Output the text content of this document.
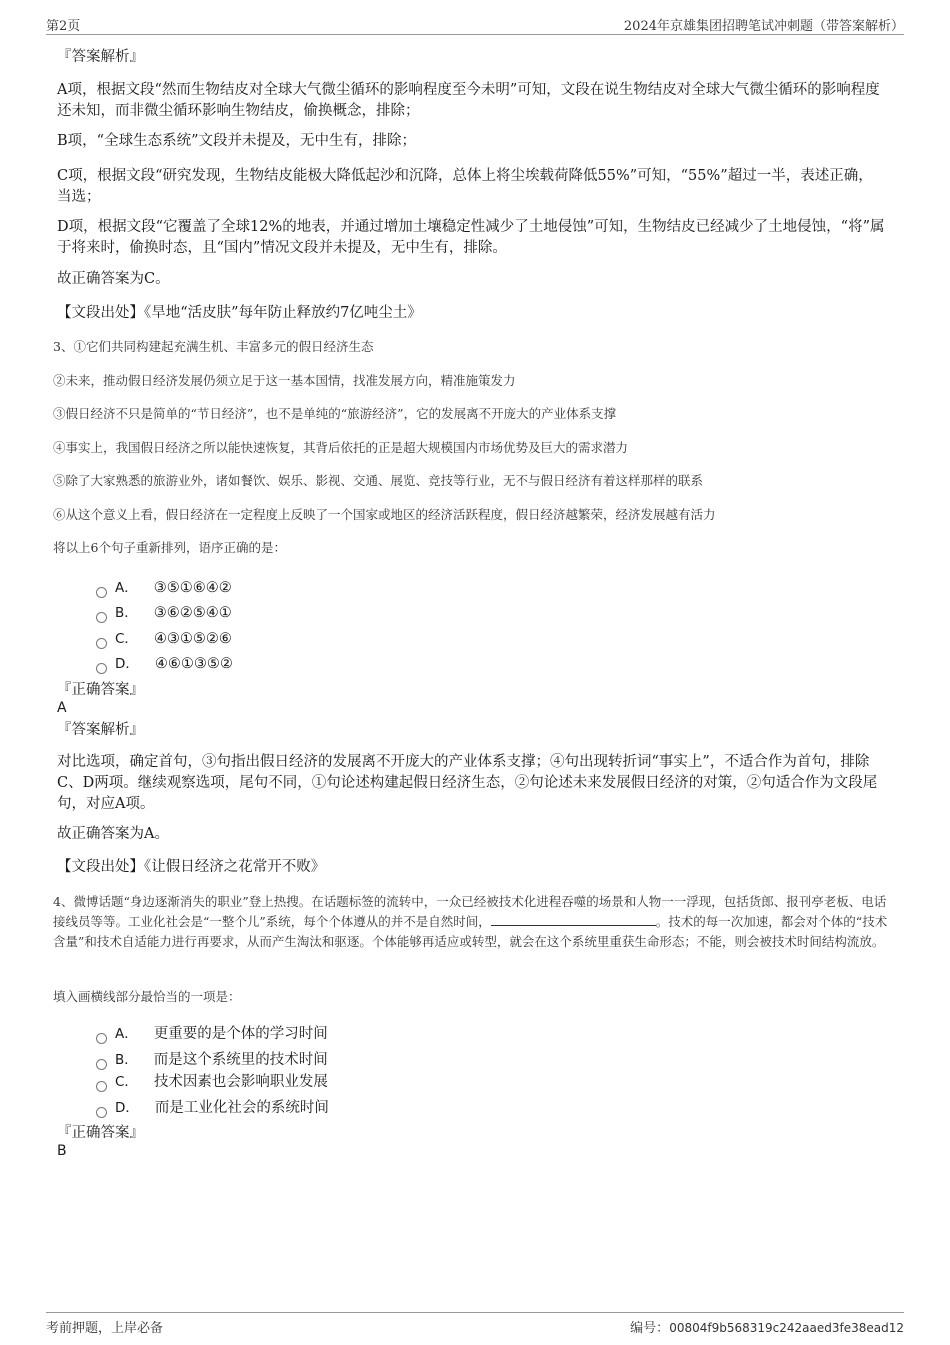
第2页	2024年京雄集团招聘笔试冲刺题（带答案解析）
『答案解析』
A项，根据文段“然而生物结皮对全球大气微尘循环的影响程度至今未明”可知，文段在说生物结皮对全球大气微尘循环的影响程度还未知，而非微尘循环影响生物结皮，偷换概念，排除；
B项，“全球生态系统”文段并未提及，无中生有，排除；
C项，根据文段“研究发现，生物结皮能极大降低起沙和沉降，总体上将尘埃载荷降低55%”可知，“55%”超过一半，表述正确，当选；
D项，根据文段“它覆盖了全球12%的地表，并通过增加土壤稳定性减少了土地侵蚀”可知，生物结皮已经减少了土地侵蚀，“将”属于将来时，偷换时态，且“国内”情况文段并未提及，无中生有，排除。
故正确答案为C。
【文段出处】《旱地“活皮肤”每年防止释放约7亿吨尘土》
3、①它们共同构建起充满生机、丰富多元的假日经济生态
②未来，推动假日经济发展仍须立足于这一基本国情，找准发展方向，精准施策发力
③假日经济不只是简单的“节日经济”，也不是单纯的“旅游经济”，它的发展离不开庞大的产业体系支撑
④事实上，我国假日经济之所以能快速恢复，其背后依托的正是超大规模国内市场优势及巨大的需求潜力
⑤除了大家熟悉的旅游业外，诸如餐饮、娱乐、影视、交通、展览、竞技等行业，无不与假日经济有着这样那样的联系
⑥从这个意义上看，假日经济在一定程度上反映了一个国家或地区的经济活跃程度，假日经济越繁荣，经济发展越有活力
将以上6个句子重新排列，语序正确的是：
A． ③⑤①⑥④②
B． ③⑥②⑤④①
C． ④③①⑤②⑥
D． ④⑥①③⑤②
『正确答案』
A
『答案解析』
对比选项，确定首句，③句指出假日经济的发展离不开庞大的产业体系支撑；④句出现转折词“事实上”，不适合作为首句，排除C、D两项。继续观察选项，尾句不同，①句论述构建起假日经济生态，②句论述未来发展假日经济的对策，②句适合作为文段尾句，对应A项。
故正确答案为A。
【文段出处】《让假日经济之花常开不败》
4、微博话题“身边逐渐消失的职业”登上热搜。在话题标签的流转中，一众已经被技术化进程吞噬的场景和人物一一浮现，包括货郎、报刊亭老板、电话接线员等等。工业化社会是“一整个儿”系统，每个个体遵从的并不是自然时间，	。技术的每一次加速，都会对个体的“技术含量”和技术自适能力进行再要求，从而产生淘汰和驱逐。个体能够再适应或转型，就会在这个系统里重获生命形态；不能，则会被技术时间结构流放。
填入画横线部分最恰当的一项是：
A． 更重要的是个体的学习时间
B． 而是这个系统里的技术时间
C． 技术因素也会影响职业发展
D． 而是工业化社会的系统时间
『正确答案』
B
考前押题，上岸必备	编号：00804f9b568319c242aaed3fe38ead12
